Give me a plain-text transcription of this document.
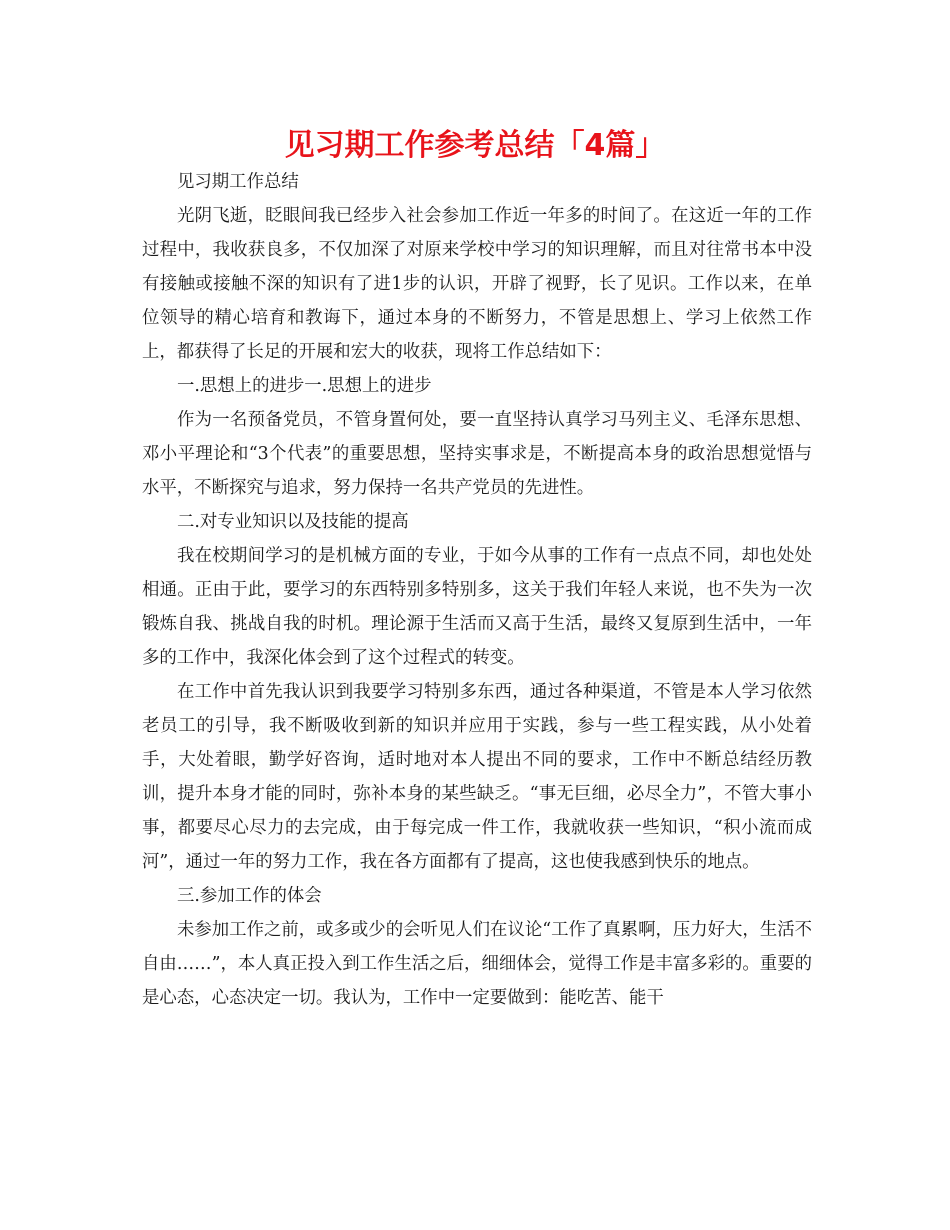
见习期工作参考总结「4篇」

见习期工作总结

光阴飞逝，眨眼间我已经步入社会参加工作近一年多的时间了。在这近一年的工作过程中，我收获良多，不仅加深了对原来学校中学习的知识理解，而且对往常书本中没有接触或接触不深的知识有了进1步的认识，开辟了视野，长了见识。工作以来，在单位领导的精心培育和教诲下，通过本身的不断努力，不管是思想上、学习上依然工作上，都获得了长足的开展和宏大的收获，现将工作总结如下：

一.思想上的进步一.思想上的进步

作为一名预备党员，不管身置何处，要一直坚持认真学习马列主义、毛泽东思想、邓小平理论和“3个代表”的重要思想，坚持实事求是，不断提高本身的政治思想觉悟与水平，不断探究与追求，努力保持一名共产党员的先进性。

二.对专业知识以及技能的提高

我在校期间学习的是机械方面的专业，于如今从事的工作有一点点不同，却也处处相通。正由于此，要学习的东西特别多特别多，这关于我们年轻人来说，也不失为一次锻炼自我、挑战自我的时机。理论源于生活而又高于生活，最终又复原到生活中，一年多的工作中，我深化体会到了这个过程式的转变。

在工作中首先我认识到我要学习特别多东西，通过各种渠道，不管是本人学习依然老员工的引导，我不断吸收到新的知识并应用于实践，参与一些工程实践，从小处着手，大处着眼，勤学好咨询，适时地对本人提出不同的要求，工作中不断总结经历教训，提升本身才能的同时，弥补本身的某些缺乏。“事无巨细，必尽全力”，不管大事小事，都要尽心尽力的去完成，由于每完成一件工作，我就收获一些知识，“积小流而成河”，通过一年的努力工作，我在各方面都有了提高，这也使我感到快乐的地点。

三.参加工作的体会

未参加工作之前，或多或少的会听见人们在议论“工作了真累啊，压力好大，生活不自由……”，本人真正投入到工作生活之后，细细体会，觉得工作是丰富多彩的。重要的是心态，心态决定一切。我认为，工作中一定要做到：能吃苦、能干
